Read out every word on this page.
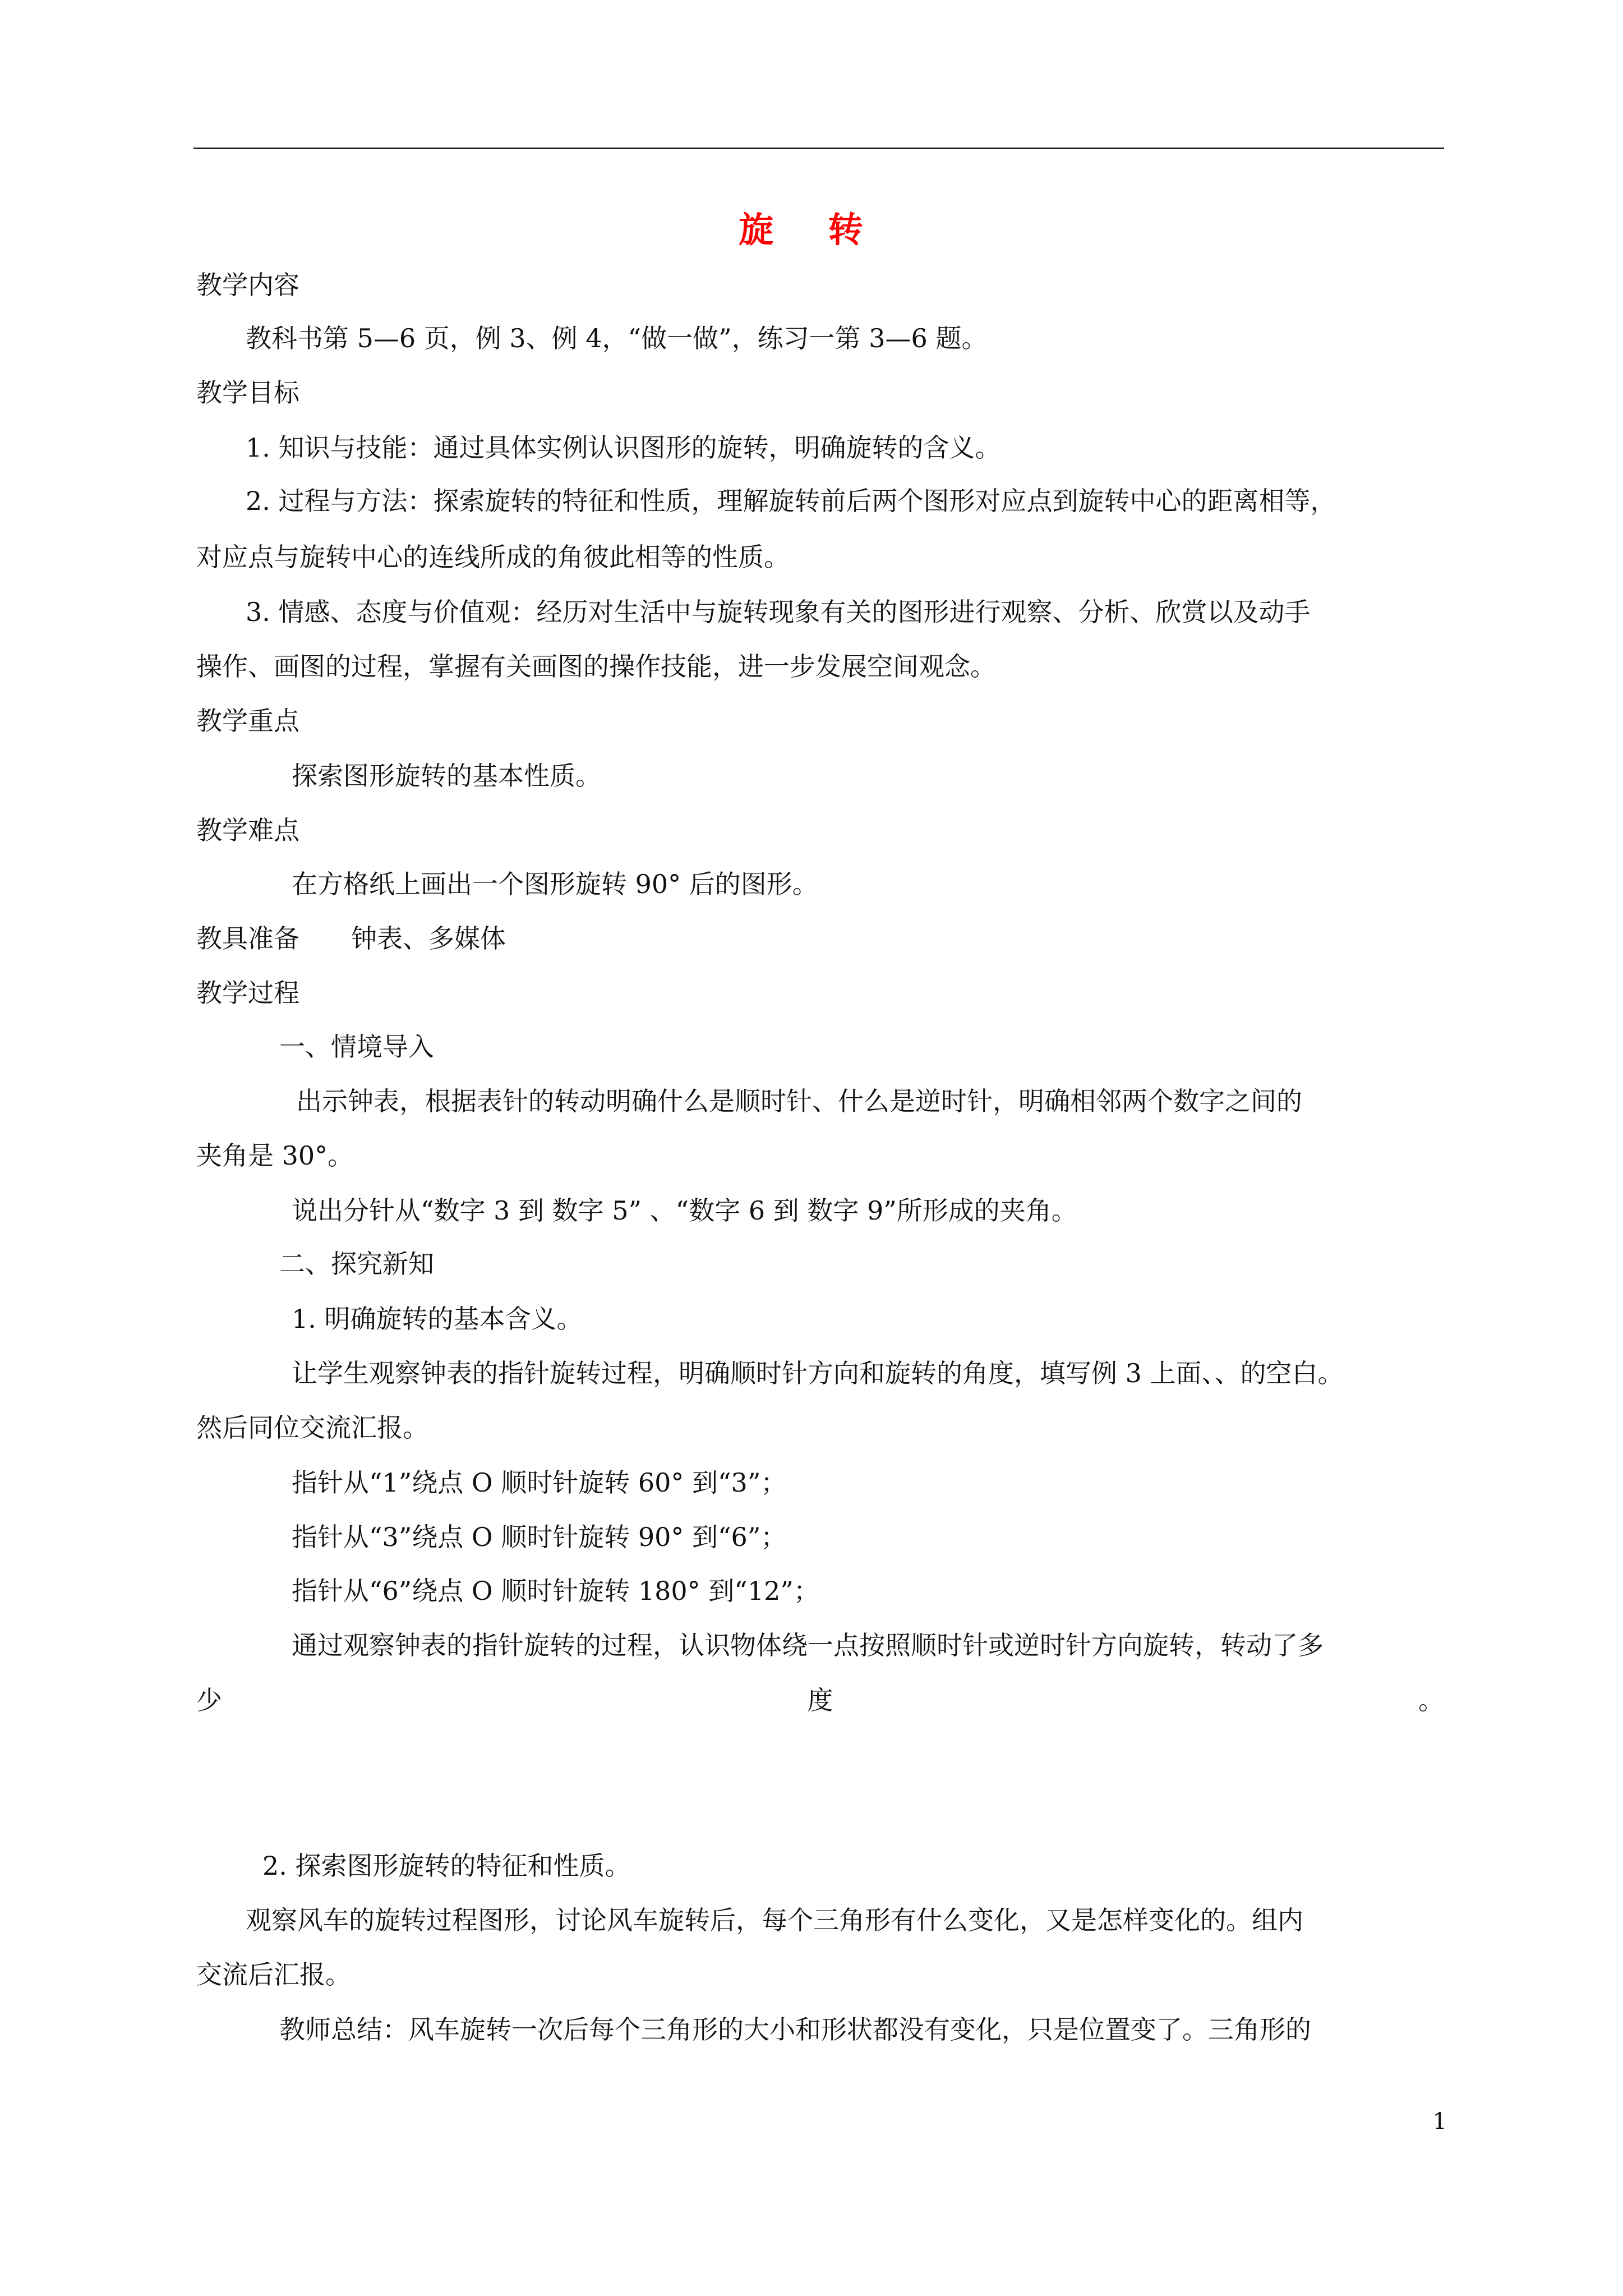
旋 转
教学内容
教科书第 5—6 页，例 3、例 4，“做一做”，练习一第 3—6 题。
教学目标
1. 知识与技能：通过具体实例认识图形的旋转，明确旋转的含义。
2. 过程与方法：探索旋转的特征和性质，理解旋转前后两个图形对应点到旋转中心的距离相等，
对应点与旋转中心的连线所成的角彼此相等的性质。
3. 情感、态度与价值观：经历对生活中与旋转现象有关的图形进行观察、分析、欣赏以及动手
操作、画图的过程，掌握有关画图的操作技能，进一步发展空间观念。
教学重点
探索图形旋转的基本性质。
教学难点
在方格纸上画出一个图形旋转 90° 后的图形。
教具准备　　钟表、多媒体
教学过程
一、情境导入
出示钟表，根据表针的转动明确什么是顺时针、什么是逆时针，明确相邻两个数字之间的
夹角是 30°。
说出分针从“数字 3 到 数字 5” 、“数字 6 到 数字 9”所形成的夹角。
二、探究新知
1. 明确旋转的基本含义。
让学生观察钟表的指针旋转过程，明确顺时针方向和旋转的角度，填写例 3 上面、、的空白。
然后同位交流汇报。
指针从“1”绕点 O 顺时针旋转 60° 到“3”；
指针从“3”绕点 O 顺时针旋转 90° 到“6”；
指针从“6”绕点 O 顺时针旋转 180° 到“12”；
通过观察钟表的指针旋转的过程，认识物体绕一点按照顺时针或逆时针方向旋转，转动了多
少	度	。
2. 探索图形旋转的特征和性质。
观察风车的旋转过程图形，讨论风车旋转后，每个三角形有什么变化，又是怎样变化的。组内
交流后汇报。
教师总结：风车旋转一次后每个三角形的大小和形状都没有变化，只是位置变了。三角形的
1
